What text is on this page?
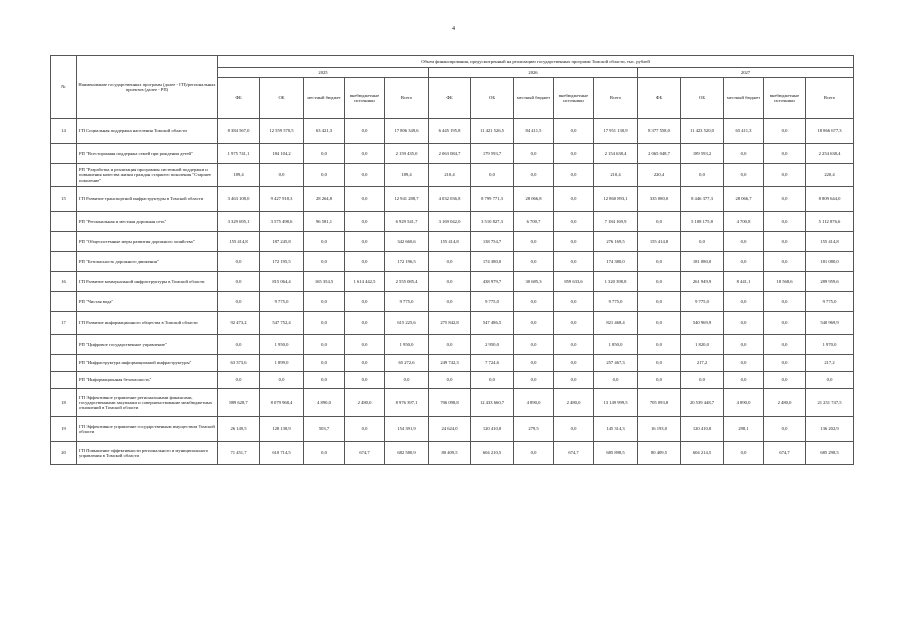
4
№	Наименование государственных программ (далее - ГП)/региональных проектов (далее - РП)	Объем финансирования, предусмотренный на реализацию государственных программ Томской области, тыс. рублей														
		2025					2026					2027				
		ФБ	ОБ	местный бюджет	внебюджетные источники	Всего	ФБ	ОБ	местный бюджет	внебюджетные источники	Всего	ФБ	ОБ	местный бюджет	внебюджетные источники	Всего
14	ГП Социальная поддержка населения Томской области	8 384 567,0	12 559 570,5	63 421,3	0,0	17 806 349,6	6 445 195,8	11 421 526,5	84 411,5	0,0	17 951 130,9	8 377 558,0	11 423 520,0	65 411,3	0,0	18 866 677,3
	РП "Всесторонняя поддержка семей при рождении детей"	1 975 741,1	184 104,2	0,0	0,0	2 159 435,0	2 063 084,7	179 593,7	0,0	0,0	2 154 638,4	2 065 048,7	189 593,2	0,0	0,0	2 254 638,4
	РП "Разработка и реализация программы системной поддержки и повышения качества жизни граждан старшего поколения "Старшее поколение"	189,4	0,0	0,0	0,0	189,4	210,4	0,0	0,0	0,0	210,4	220,4	0,0	0,0	0,0	220,4
15	ГП Развитие транспортной инфраструктуры в Томской области	3 463 108,0	9 427 918,3	28 264,8	0,0	12 941 288,7	4 032 036,8	8 799 771,3	28 066,8	0,0	12 860 893,1	335 080,0	8 446 377,3	28 066,7	0,0	8 809 644,0
	РП "Региональная и местная дорожная сеть"	3 329 695,1	3 575 498,6	96 581,1	0,0	6 929 541,7	3 169 042,0	3 510 827,3	6 700,7	0,0	7 184 169,9	0,0	5 108 175,8	4 700,8	0,0	5 112 876,6
	РП "Общесистемные меры развития дорожного хозяйства"	155 414,8	187 245,8	0,0	0,0	342 660,6	155 414,8	138 754,7	0,0	0,0	276 169,5	155 414,8	0,0	0,0	0,0	155 414,8
	РП "Безопасность дорожного движения"	0,0	172 195,5	0,0	0,0	172 196,5	0,0	174 380,0	0,0	0,0	174 380,0	0,0	181 080,0	0,0	0,0	181 080,0
16	ГП Развитие коммунальной инфраструктуры в Томской области	0,0	815 064,4	165 354,5	1 614 442,5	2 555 085,4	0,0	438 979,7	30 685,3	859 633,6	1 320 398,8	0,0	261 949,9	8 441,1	18 568,6	289 959,6
	РП "Чистая вода"	0,0	9 775,0	0,0	0,0	9 775,0	0,0	9 775,0	0,0	0,0	9 775,0	0,0	9 775,0	0,0	0,0	9 775,0
17	ГП Развитие информационного общества в Томской области	92 473,2	547 752,4	0,0	0,0	615 225,6	275 842,8	547 486,5	0,0	0,0	821 468,4	0,0	540 969,9	0,0	0,0	540 969,9
	РП "Цифровое государственное управление"	0,0	1 950,0	0,0	0,0	1 950,0	0,0	2 950,0	0,0	0,0	1 850,0	0,0	1 820,0	0,0	0,0	1 970,0
	РП "Инфраструктура информационной инфраструктуры"	63 373,6	1 899,0	0,0	0,0	65 272,6	249 742,3	7 724,6	0,0	0,0	257 467,3	0,0	217,2	0,0	0,0	217,2
	РП "Информационная безопасность"	0,0	0,0	0,0	0,0	0,0	0,0	0,0	0,0	0,0	0,0	0,0	0,0	0,0	0,0	0,0
18	ГП Эффективное управление региональными финансами, государственными закупками и совершенствование межбюджетных отношений в Томской области	889 628,7	8 079 968,4	4 890,0	2 480,0	8 976 397,1	706 098,8	12 433 660,7	4 890,0	2 480,0	13 149 999,5	705 093,8	20 539 448,7	4 890,0	2 480,0	21 251 747,5
19	ГП Эффективное управление государственным имуществом Томской области	26 149,5	128 138,9	503,7	0,0	154 391,9	24 624,0	120 410,8	279,5	0,0	145 314,3	16 193,0	120 410,8	298,1	0,0	136 202,9
20	ГП Повышение эффективности регионального и муниципального управления в Томской области	71 451,7	610 714,5	0,0	674,7	682 580,9	80 409,5	604 210,5	0,0	674,7	685 898,5	80 409,5	604 214,5	0,0	674,7	685 298,5
